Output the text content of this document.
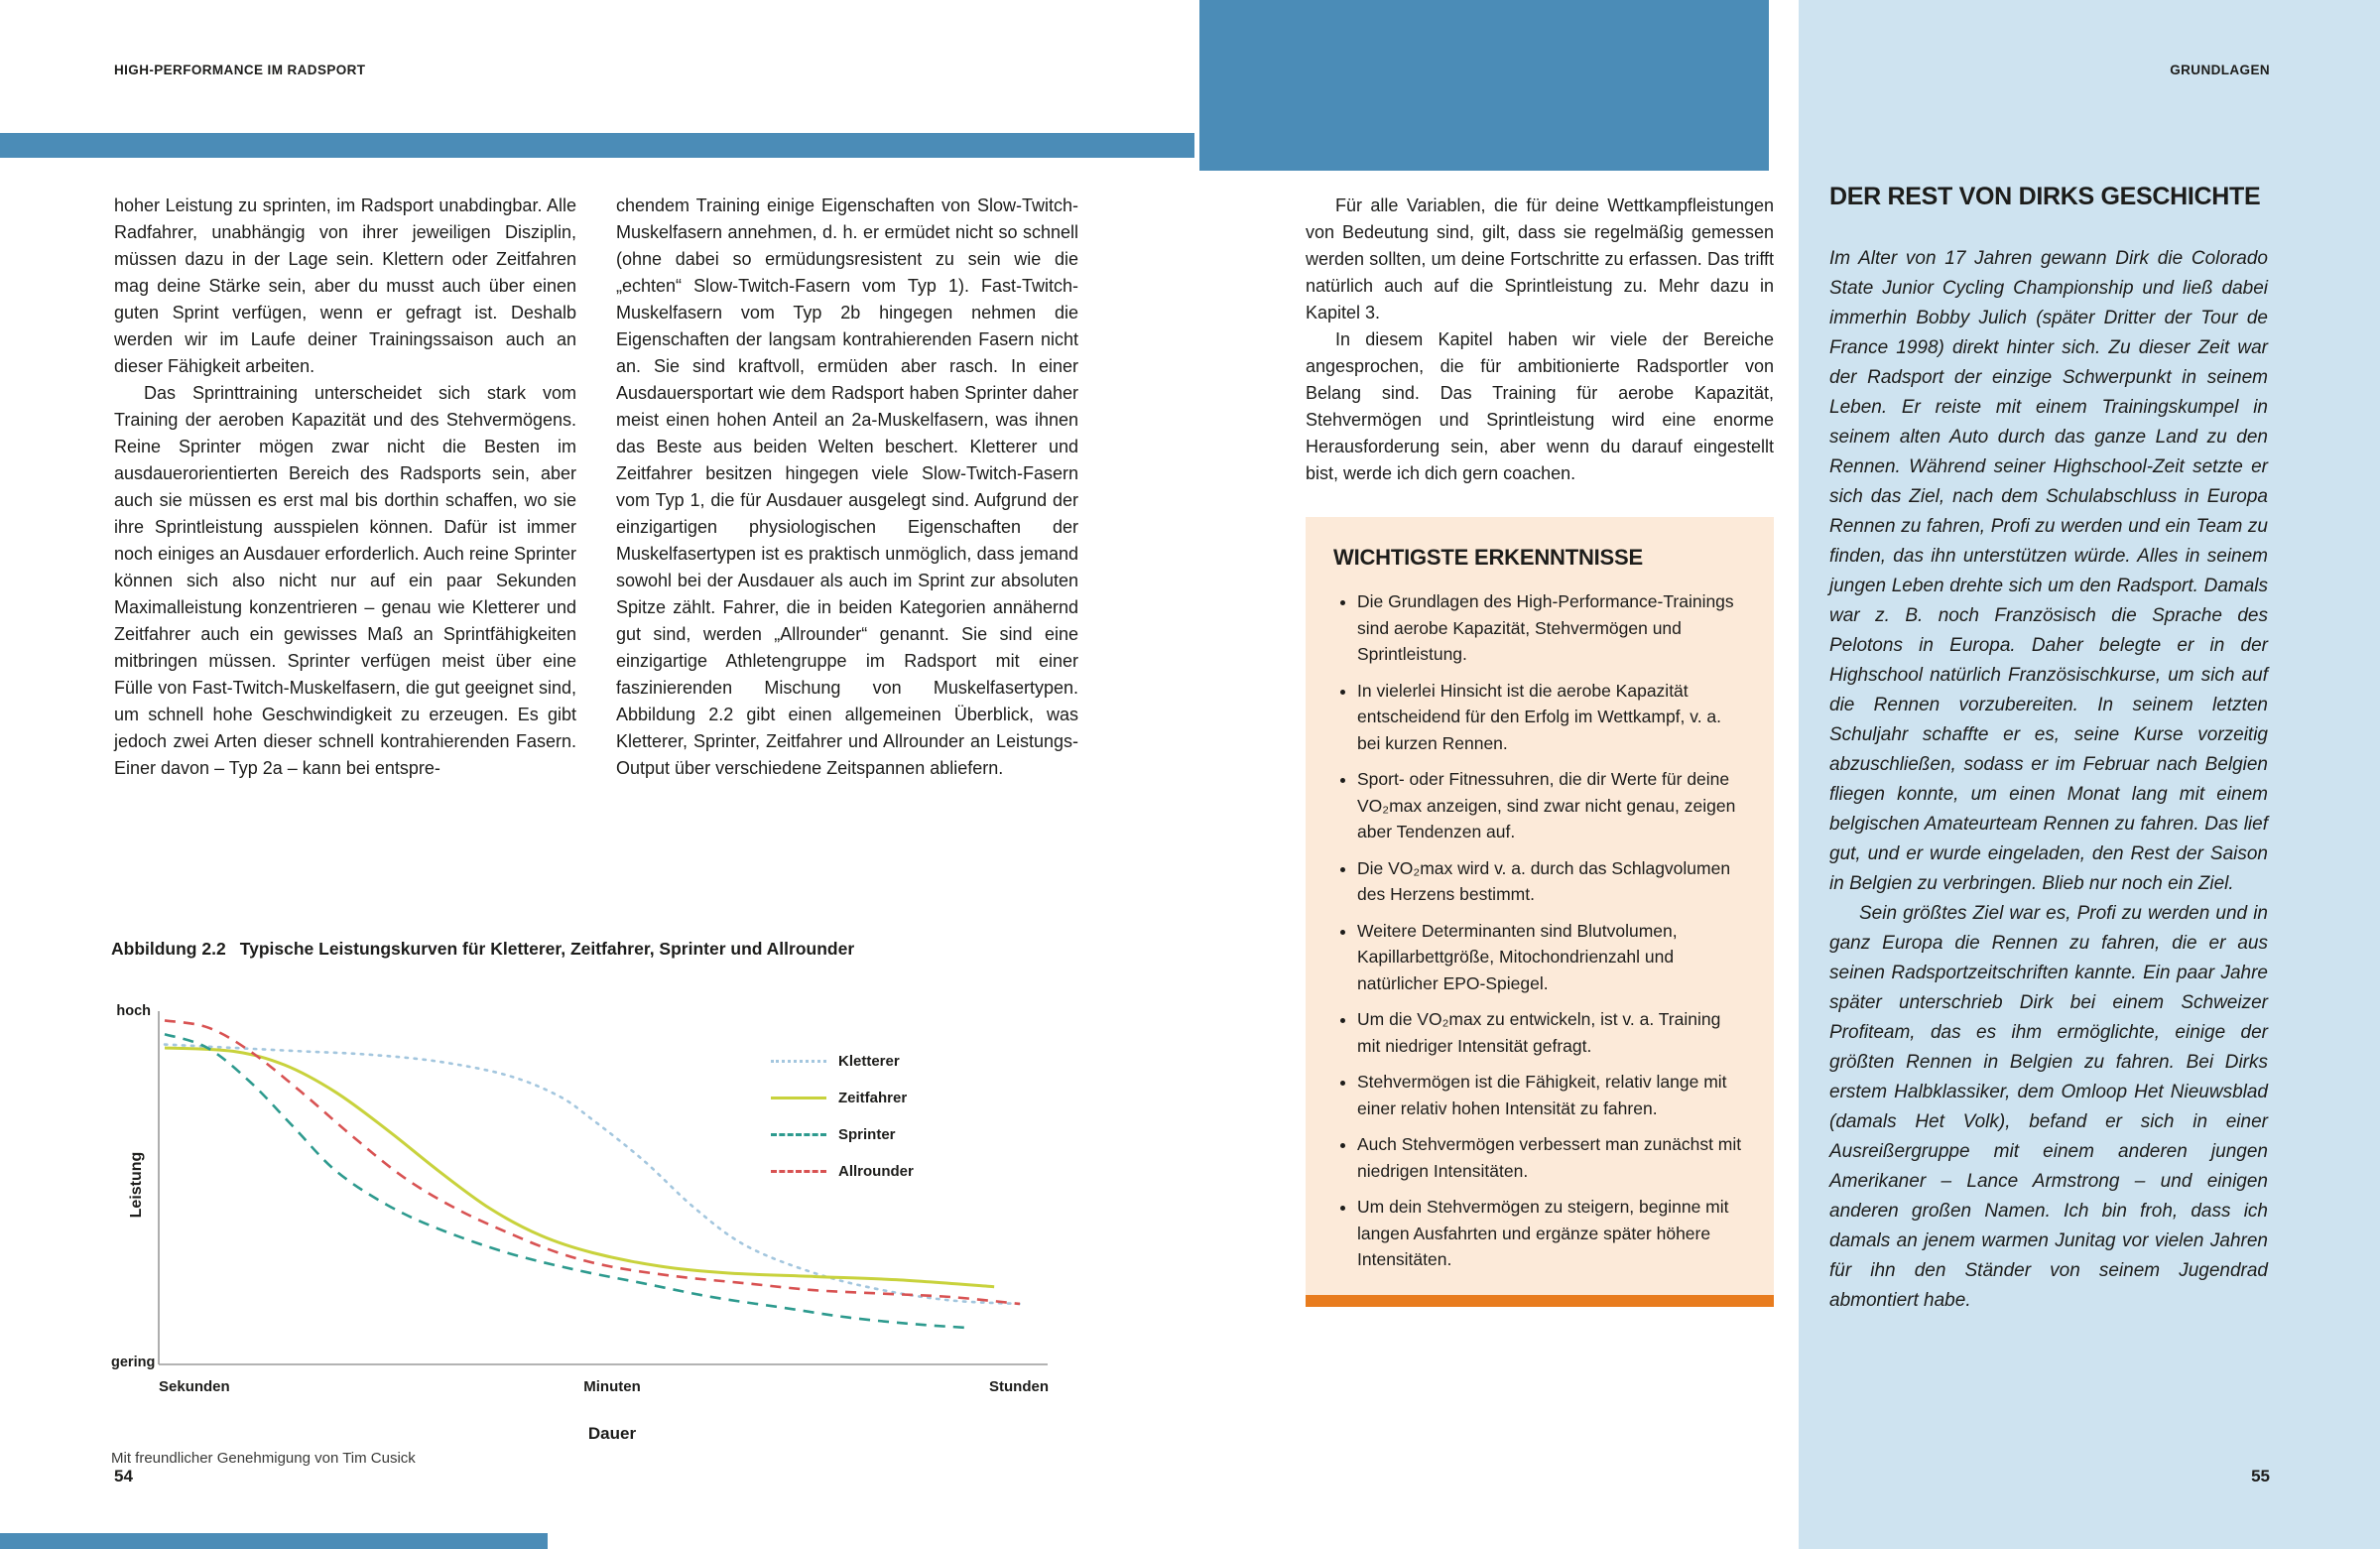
HIGH-PERFORMANCE IM RADSPORT

hoher Leistung zu sprinten, im Radsport unabdingbar. Alle Radfahrer, unabhängig von ihrer jeweiligen Disziplin, müssen dazu in der Lage sein. Klettern oder Zeitfahren mag deine Stärke sein, aber du musst auch über einen guten Sprint verfügen, wenn er gefragt ist. Deshalb werden wir im Laufe deiner Trainingssaison auch an dieser Fähigkeit arbeiten.

Das Sprinttraining unterscheidet sich stark vom Training der aeroben Kapazität und des Stehvermögens. Reine Sprinter mögen zwar nicht die Besten im ausdauerorientierten Bereich des Radsports sein, aber auch sie müssen es erst mal bis dorthin schaffen, wo sie ihre Sprintleistung ausspielen können. Dafür ist immer noch einiges an Ausdauer erforderlich. Auch reine Sprinter können sich also nicht nur auf ein paar Sekunden Maximalleistung konzentrieren – genau wie Kletterer und Zeitfahrer auch ein gewisses Maß an Sprintfähigkeiten mitbringen müssen. Sprinter verfügen meist über eine Fülle von Fast-Twitch-Muskelfasern, die gut geeignet sind, um schnell hohe Geschwindigkeit zu erzeugen. Es gibt jedoch zwei Arten dieser schnell kontrahierenden Fasern. Einer davon – Typ 2a – kann bei entspre-

chendem Training einige Eigenschaften von Slow-Twitch-Muskelfasern annehmen, d. h. er ermüdet nicht so schnell (ohne dabei so ermüdungsresistent zu sein wie die „echten“ Slow-Twitch-Fasern vom Typ 1). Fast-Twitch-Muskelfasern vom Typ 2b hingegen nehmen die Eigenschaften der langsam kontrahierenden Fasern nicht an. Sie sind kraftvoll, ermüden aber rasch. In einer Ausdauersportart wie dem Radsport haben Sprinter daher meist einen hohen Anteil an 2a-Muskelfasern, was ihnen das Beste aus beiden Welten beschert. Kletterer und Zeitfahrer besitzen hingegen viele Slow-Twitch-Fasern vom Typ 1, die für Ausdauer ausgelegt sind. Aufgrund der einzigartigen physiologischen Eigenschaften der Muskelfasertypen ist es praktisch unmöglich, dass jemand sowohl bei der Ausdauer als auch im Sprint zur absoluten Spitze zählt. Fahrer, die in beiden Kategorien annähernd gut sind, werden „Allrounder“ genannt. Sie sind eine einzigartige Athletengruppe im Radsport mit einer faszinierenden Mischung von Muskelfasertypen. Abbildung 2.2 gibt einen allgemeinen Überblick, was Kletterer, Sprinter, Zeitfahrer und Allrounder an Leistungs-Output über verschiedene Zeitspannen abliefern.

Abbildung 2.2 Typische Leistungskurven für Kletterer, Zeitfahrer, Sprinter und Allrounder
hoch
gering
Leistung
Kletterer
Zeitfahrer
Sprinter
Allrounder
Sekunden	Minuten	Stunden
Dauer
Mit freundlicher Genehmigung von Tim Cusick
54

Für alle Variablen, die für deine Wettkampfleistungen von Bedeutung sind, gilt, dass sie regelmäßig gemessen werden sollten, um deine Fortschritte zu erfassen. Das trifft natürlich auch auf die Sprintleistung zu. Mehr dazu in Kapitel 3.

In diesem Kapitel haben wir viele der Bereiche angesprochen, die für ambitionierte Radsportler von Belang sind. Das Training für aerobe Kapazität, Stehvermögen und Sprintleistung wird eine enorme Herausforderung sein, aber wenn du darauf eingestellt bist, werde ich dich gern coachen.

WICHTIGSTE ERKENNTNISSE
• Die Grundlagen des High-Performance-Trainings sind aerobe Kapazität, Stehvermögen und Sprintleistung.
• In vielerlei Hinsicht ist die aerobe Kapazität entscheidend für den Erfolg im Wettkampf, v. a. bei kurzen Rennen.
• Sport- oder Fitnessuhren, die dir Werte für deine VO₂max anzeigen, sind zwar nicht genau, zeigen aber Tendenzen auf.
• Die VO₂max wird v. a. durch das Schlagvolumen des Herzens bestimmt.
• Weitere Determinanten sind Blutvolumen, Kapillarbettgröße, Mitochondrienzahl und natürlicher EPO-Spiegel.
• Um die VO₂max zu entwickeln, ist v. a. Training mit niedriger Intensität gefragt.
• Stehvermögen ist die Fähigkeit, relativ lange mit einer relativ hohen Intensität zu fahren.
• Auch Stehvermögen verbessert man zunächst mit niedrigen Intensitäten.
• Um dein Stehvermögen zu steigern, beginne mit langen Ausfahrten und ergänze später höhere Intensitäten.
GRUNDLAGEN
DER REST VON DIRKS GESCHICHTE

Im Alter von 17 Jahren gewann Dirk die Colorado State Junior Cycling Championship und ließ dabei immerhin Bobby Julich (später Dritter der Tour de France 1998) direkt hinter sich. Zu dieser Zeit war der Radsport der einzige Schwerpunkt in seinem Leben. Er reiste mit einem Trainingskumpel in seinem alten Auto durch das ganze Land zu den Rennen. Während seiner Highschool-Zeit setzte er sich das Ziel, nach dem Schulabschluss in Europa Rennen zu fahren, Profi zu werden und ein Team zu finden, das ihn unterstützen würde. Alles in seinem jungen Leben drehte sich um den Radsport. Damals war z. B. noch Französisch die Sprache des Pelotons in Europa. Daher belegte er in der Highschool natürlich Französischkurse, um sich auf die Rennen vorzubereiten. In seinem letzten Schuljahr schaffte er es, seine Kurse vorzeitig abzuschließen, sodass er im Februar nach Belgien fliegen konnte, um einen Monat lang mit einem belgischen Amateurteam Rennen zu fahren. Das lief gut, und er wurde eingeladen, den Rest der Saison in Belgien zu verbringen. Blieb nur noch ein Ziel.

Sein größtes Ziel war es, Profi zu werden und in ganz Europa die Rennen zu fahren, die er aus seinen Radsportzeitschriften kannte. Ein paar Jahre später unterschrieb Dirk bei einem Schweizer Profiteam, das es ihm ermöglichte, einige der größten Rennen in Belgien zu fahren. Bei Dirks erstem Halbklassiker, dem Omloop Het Nieuwsblad (damals Het Volk), befand er sich in einer Ausreißergruppe mit einem anderen jungen Amerikaner – Lance Armstrong – und einigen anderen großen Namen. Ich bin froh, dass ich damals an jenem warmen Junitag vor vielen Jahren für ihn den Ständer von seinem Jugendrad abmontiert habe.

55
